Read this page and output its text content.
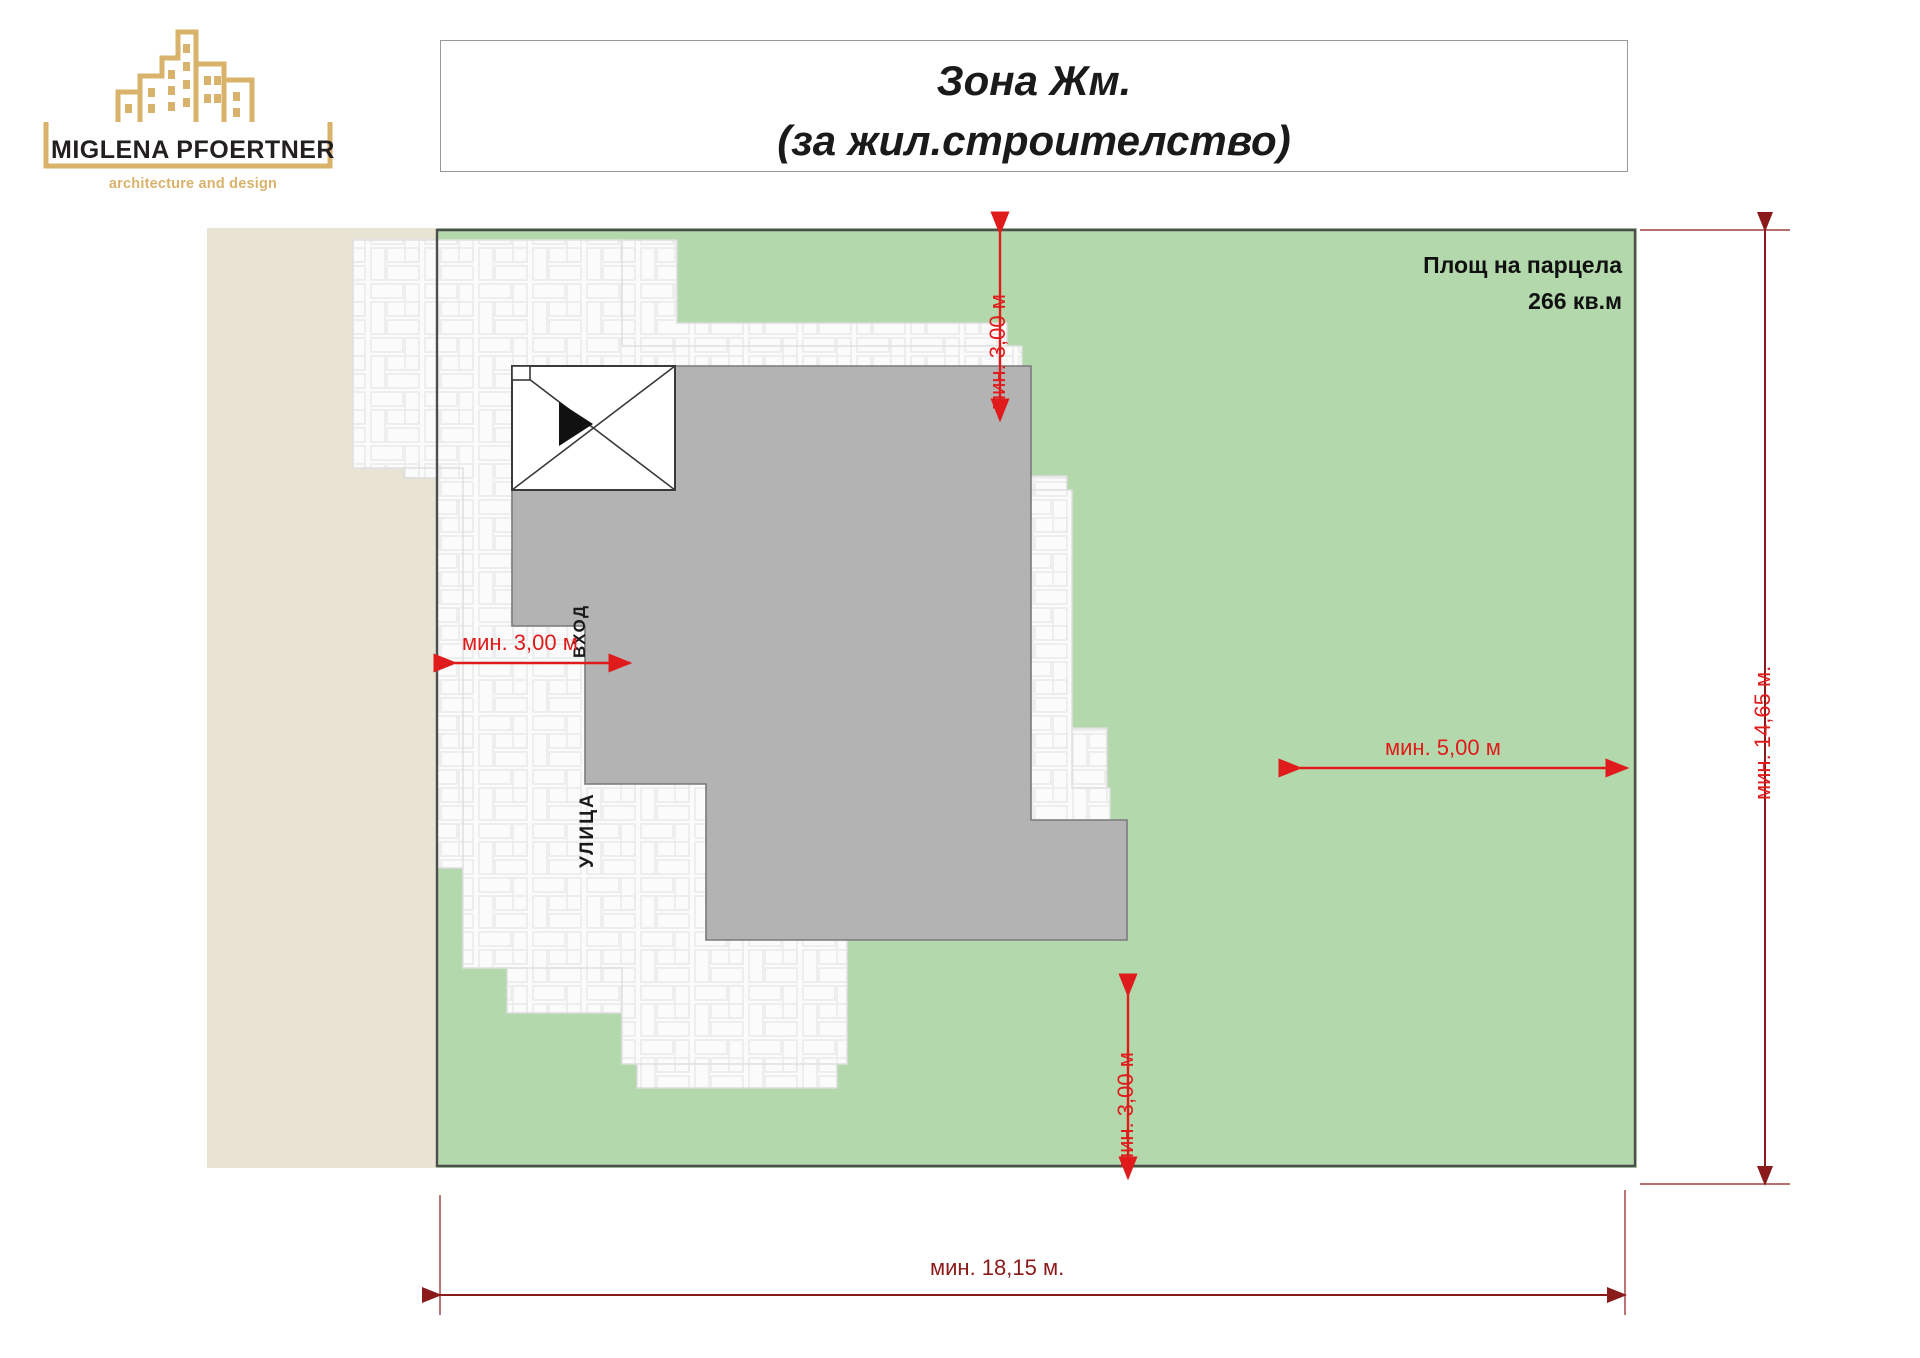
MIGLENA PFOERTNER
architecture and design
Зона Жм.
(за жил.строителство)
УЛИЦА
ВХОД
Площ на парцела
266 кв.м
мин. 3,00 м
мин. 3,00 м
мин. 5,00 м
мин. 3,00 м
мин. 14,65 м.
мин. 18,15 м.
